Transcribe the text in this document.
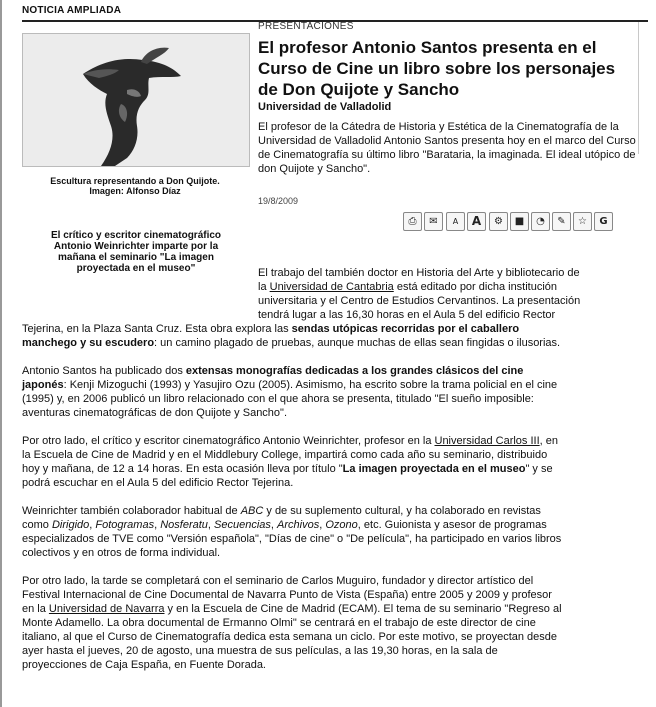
NOTICIA AMPLIADA
Escultura representando a Don Quijote.
Imagen: Alfonso Díaz
El crítico y escritor cinematográfico Antonio Weinrichter imparte por la mañana el seminario "La imagen proyectada en el museo"
PRESENTACIONES
El profesor Antonio Santos presenta en el Curso de Cine un libro sobre los personajes de Don Quijote y Sancho
Universidad de Valladolid

El profesor de la Cátedra de Historia y Estética de la Cinematografía de la Universidad de Valladolid Antonio Santos presenta hoy en el marco del Curso de Cinematografía su último libro "Barataria, la imaginada. El ideal utópico de don Quijote y Sancho".

19/8/2009
⎙	✉	A	A	⚙	■	◔	✎	☆	G
El trabajo del también doctor en Historia del Arte y bibliotecario de
la Universidad de Cantabria está editado por dicha institución
universitaria y el Centro de Estudios Cervantinos. La presentación
tendrá lugar a las 16,30 horas en el Aula 5 del edificio Rector
Tejerina, en la Plaza Santa Cruz. Esta obra explora las sendas utópicas recorridas por el caballero
manchego y su escudero: un camino plagado de pruebas, aunque muchas de ellas sean fingidas o ilusorias.
Antonio Santos ha publicado dos extensas monografías dedicadas a los grandes clásicos del cine
japonés: Kenji Mizoguchi (1993) y Yasujiro Ozu (2005). Asimismo, ha escrito sobre la trama policial en el cine
(1995) y, en 2006 publicó un libro relacionado con el que ahora se presenta, titulado "El sueño imposible:
aventuras cinematográficas de don Quijote y Sancho".
Por otro lado, el crítico y escritor cinematográfico Antonio Weinrichter, profesor en la Universidad Carlos III, en
la Escuela de Cine de Madrid y en el Middlebury College, impartirá como cada año su seminario, distribuido
hoy y mañana, de 12 a 14 horas. En esta ocasión lleva por título "La imagen proyectada en el museo" y se
podrá escuchar en el Aula 5 del edificio Rector Tejerina.
Weinrichter también colaborador habitual de ABC y de su suplemento cultural, y ha colaborado en revistas
como Dirigido, Fotogramas, Nosferatu, Secuencias, Archivos, Ozono, etc. Guionista y asesor de programas
especializados de TVE como "Versión española", "Días de cine" o "De película", ha participado en varios libros
colectivos y en otros de forma individual.
Por otro lado, la tarde se completará con el seminario de Carlos Muguiro, fundador y director artístico del
Festival Internacional de Cine Documental de Navarra Punto de Vista (España) entre 2005 y 2009 y profesor
en la Universidad de Navarra y en la Escuela de Cine de Madrid (ECAM). El tema de su seminario "Regreso al
Monte Adamello. La obra documental de Ermanno Olmi" se centrará en el trabajo de este director de cine
italiano, al que el Curso de Cinematografía dedica esta semana un ciclo. Por este motivo, se proyectan desde
ayer hasta el jueves, 20 de agosto, una muestra de sus películas, a las 19,30 horas, en la sala de
proyecciones de Caja España, en Fuente Dorada.
